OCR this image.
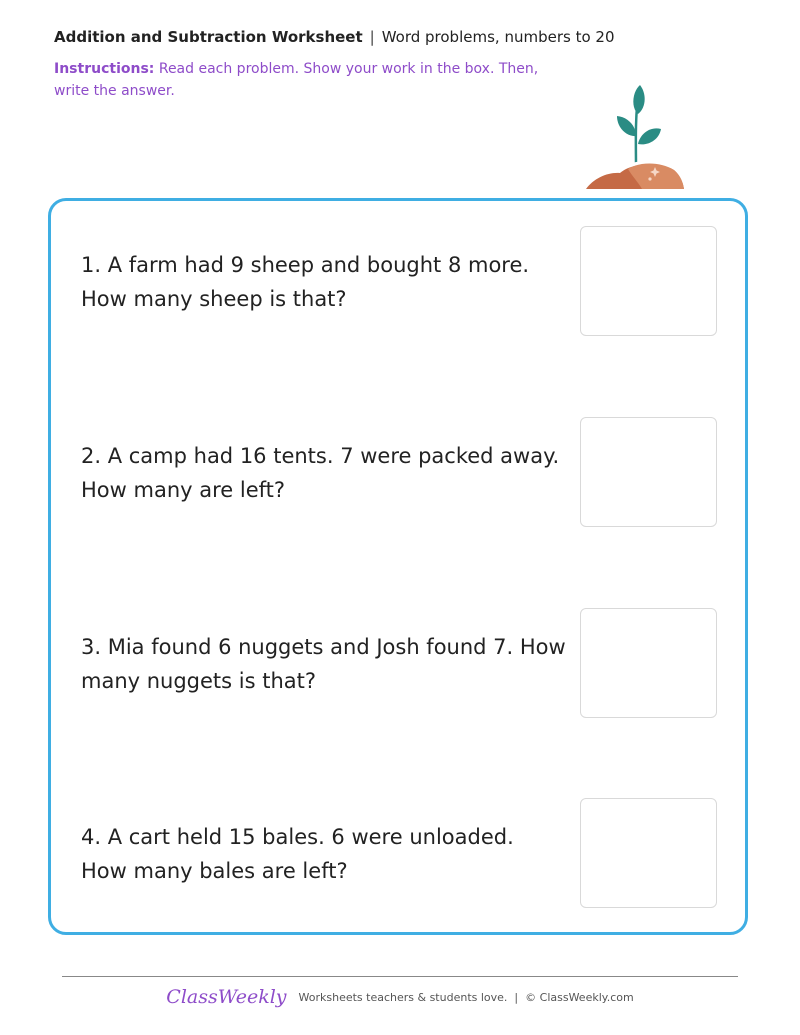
Addition and Subtraction Worksheet | Word problems, numbers to 20
Instructions: Read each problem. Show your work in the box. Then, write the answer.
1. A farm had 9 sheep and bought 8 more. How many sheep is that?
2. A camp had 16 tents. 7 were packed away. How many are left?
3. Mia found 6 nuggets and Josh found 7. How many nuggets is that?
4. A cart held 15 bales. 6 were unloaded. How many bales are left?
ClassWeekly Worksheets teachers & students love. | © ClassWeekly.com
